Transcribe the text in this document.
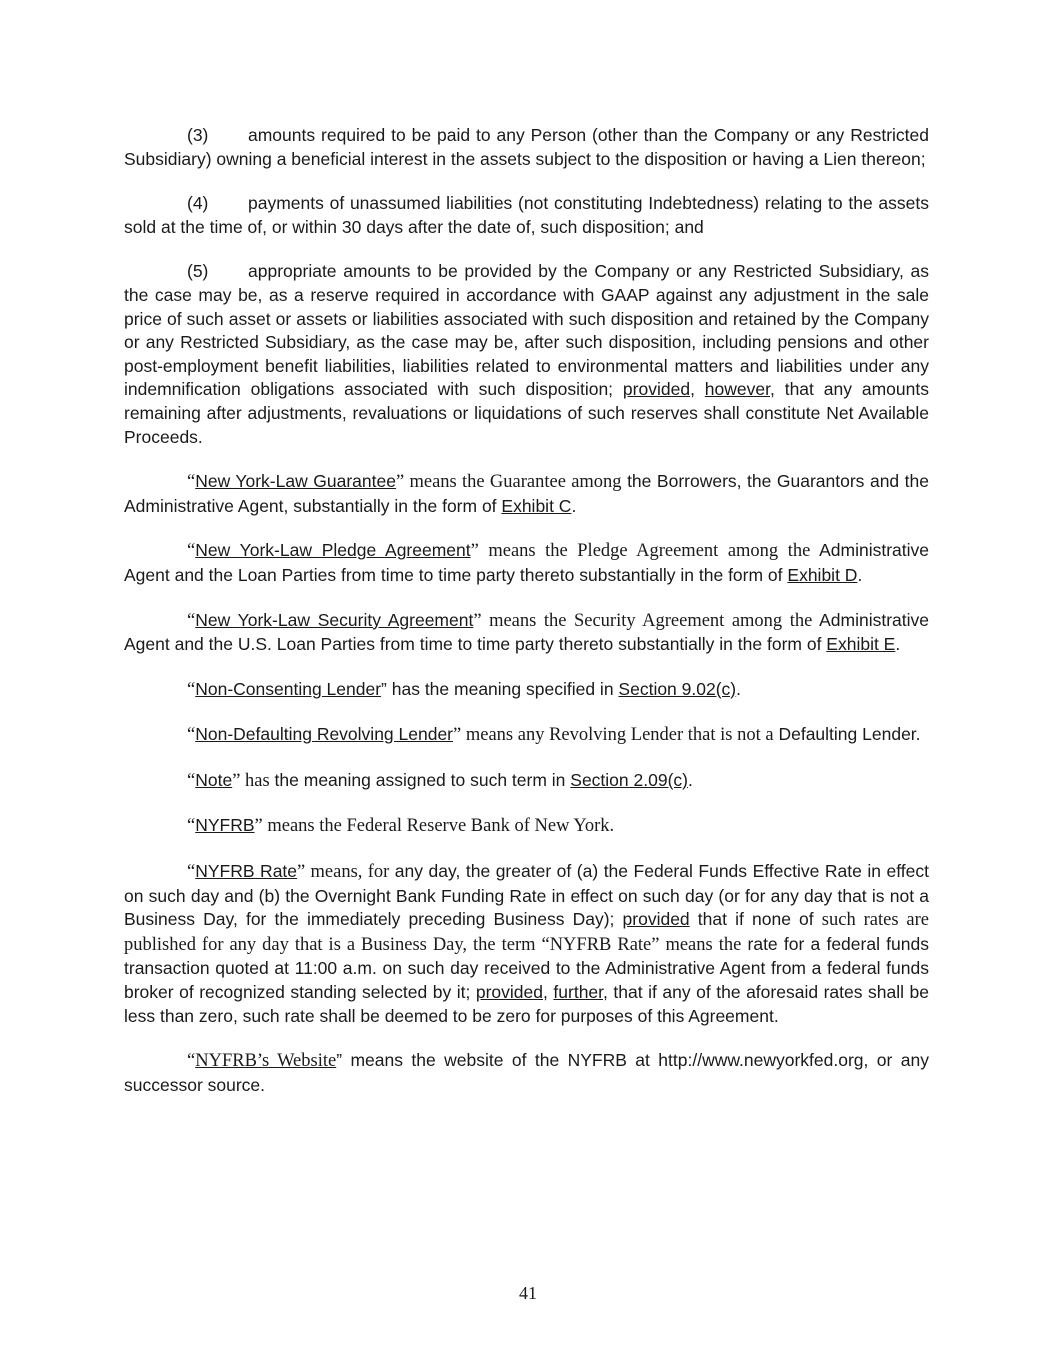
(3) amounts required to be paid to any Person (other than the Company or any Restricted Subsidiary) owning a beneficial interest in the assets subject to the disposition or having a Lien thereon;

(4) payments of unassumed liabilities (not constituting Indebtedness) relating to the assets sold at the time of, or within 30 days after the date of, such disposition; and

(5) appropriate amounts to be provided by the Company or any Restricted Subsidiary, as the case may be, as a reserve required in accordance with GAAP against any adjustment in the sale price of such asset or assets or liabilities associated with such disposition and retained by the Company or any Restricted Subsidiary, as the case may be, after such disposition, including pensions and other post-employment benefit liabilities, liabilities related to environmental matters and liabilities under any indemnification obligations associated with such disposition; provided, however, that any amounts remaining after adjustments, revaluations or liquidations of such reserves shall constitute Net Available Proceeds.

“New York-Law Guarantee” means the Guarantee among the Borrowers, the Guarantors and the Administrative Agent, substantially in the form of Exhibit C.

“New York-Law Pledge Agreement” means the Pledge Agreement among the Administrative Agent and the Loan Parties from time to time party thereto substantially in the form of Exhibit D.

“New York-Law Security Agreement” means the Security Agreement among the Administrative Agent and the U.S. Loan Parties from time to time party thereto substantially in the form of Exhibit E.

“Non-Consenting Lender” has the meaning specified in Section 9.02(c).

“Non-Defaulting Revolving Lender” means any Revolving Lender that is not a Defaulting Lender.

“Note” has the meaning assigned to such term in Section 2.09(c).

“NYFRB” means the Federal Reserve Bank of New York.

“NYFRB Rate” means, for any day, the greater of (a) the Federal Funds Effective Rate in effect on such day and (b) the Overnight Bank Funding Rate in effect on such day (or for any day that is not a Business Day, for the immediately preceding Business Day); provided that if none of such rates are published for any day that is a Business Day, the term “NYFRB Rate” means the rate for a federal funds transaction quoted at 11:00 a.m. on such day received to the Administrative Agent from a federal funds broker of recognized standing selected by it; provided, further, that if any of the aforesaid rates shall be less than zero, such rate shall be deemed to be zero for purposes of this Agreement.

“NYFRB’s Website” means the website of the NYFRB at http://www.newyorkfed.org, or any successor source.

41
